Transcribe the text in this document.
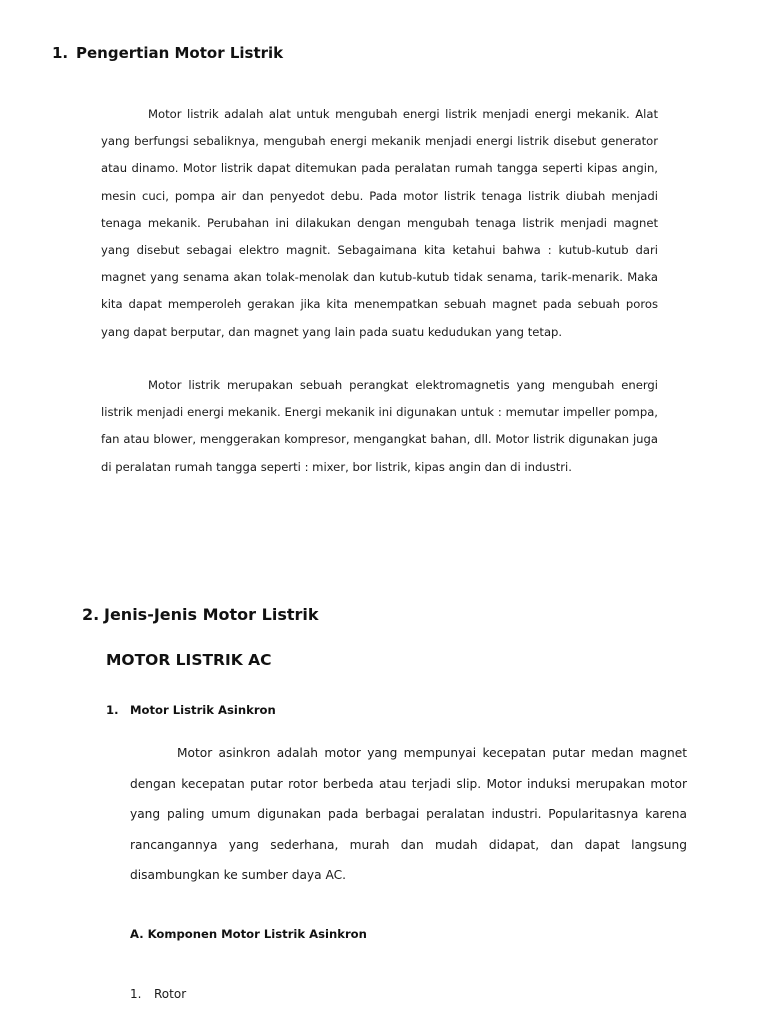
1. Pengertian Motor Listrik
Motor listrik adalah alat untuk mengubah energi listrik menjadi energi mekanik. Alat yang berfungsi sebaliknya, mengubah energi mekanik menjadi energi listrik disebut generator atau dinamo. Motor listrik dapat ditemukan pada peralatan rumah tangga seperti kipas angin, mesin cuci, pompa air dan penyedot debu. Pada motor listrik tenaga listrik diubah menjadi tenaga mekanik. Perubahan ini dilakukan dengan mengubah tenaga listrik menjadi magnet yang disebut sebagai elektro magnit. Sebagaimana kita ketahui bahwa : kutub-kutub dari magnet yang senama akan tolak-menolak dan kutub-kutub tidak senama, tarik-menarik. Maka kita dapat memperoleh gerakan jika kita menempatkan sebuah magnet pada sebuah poros yang dapat berputar, dan magnet yang lain pada suatu kedudukan yang tetap.
Motor listrik merupakan sebuah perangkat elektromagnetis yang mengubah energi listrik menjadi energi mekanik. Energi mekanik ini digunakan untuk : memutar impeller pompa, fan atau blower, menggerakan kompresor, mengangkat bahan, dll. Motor listrik digunakan juga di peralatan rumah tangga seperti : mixer, bor listrik, kipas angin dan di industri.
2. Jenis-Jenis Motor Listrik
MOTOR LISTRIK AC
1. Motor Listrik Asinkron
Motor asinkron adalah motor yang mempunyai kecepatan putar medan magnet dengan kecepatan putar rotor berbeda atau terjadi slip. Motor induksi merupakan motor yang paling umum digunakan pada berbagai peralatan industri. Popularitasnya karena rancangannya yang sederhana, murah dan mudah didapat, dan dapat langsung disambungkan ke sumber daya AC.
A. Komponen Motor Listrik Asinkron
1. Rotor
